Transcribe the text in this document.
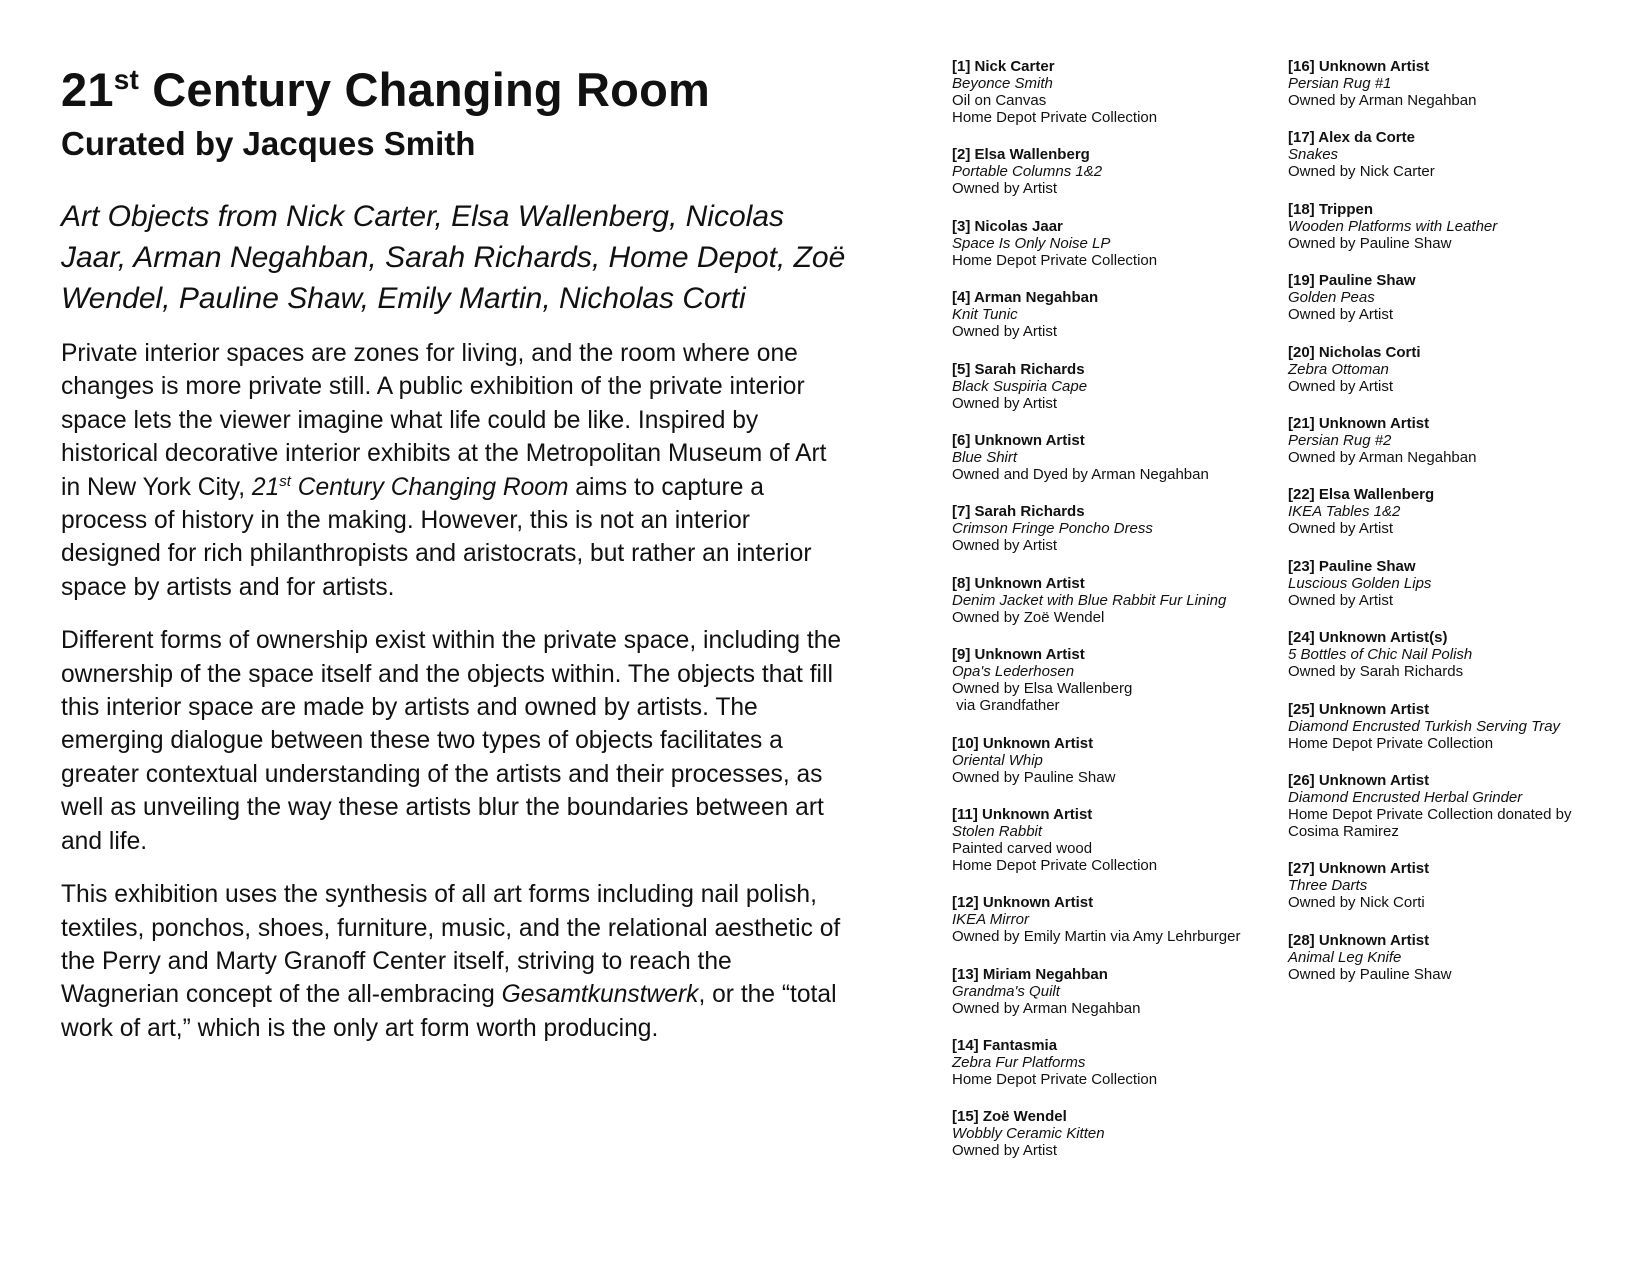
21st Century Changing Room
Curated by Jacques Smith

Art Objects from Nick Carter, Elsa Wallenberg, Nicolas Jaar, Arman Negahban, Sarah Richards, Home Depot, Zoë Wendel, Pauline Shaw, Emily Martin, Nicholas Corti

Private interior spaces are zones for living, and the room where one changes is more private still. A public exhibition of the private interior space lets the viewer imagine what life could be like. Inspired by historical decorative interior exhibits at the Metropolitan Museum of Art in New York City, 21st Century Changing Room aims to capture a process of history in the making. However, this is not an interior designed for rich philanthropists and aristocrats, but rather an interior space by artists and for artists.

Different forms of ownership exist within the private space, including the ownership of the space itself and the objects within. The objects that fill this interior space are made by artists and owned by artists. The emerging dialogue between these two types of objects facilitates a greater contextual understanding of the artists and their processes, as well as unveiling the way these artists blur the boundaries between art and life.

This exhibition uses the synthesis of all art forms including nail polish, textiles, ponchos, shoes, furniture, music, and the relational aesthetic of the Perry and Marty Granoff Center itself, striving to reach the Wagnerian concept of the all-embracing Gesamtkunstwerk, or the “total work of art,” which is the only art form worth producing.

[1] Nick Carter
Beyonce Smith
Oil on Canvas
Home Depot Private Collection
[2] Elsa Wallenberg
Portable Columns 1&2
Owned by Artist
[3] Nicolas Jaar
Space Is Only Noise LP
Home Depot Private Collection
[4] Arman Negahban
Knit Tunic
Owned by Artist
[5] Sarah Richards
Black Suspiria Cape
Owned by Artist
[6] Unknown Artist
Blue Shirt
Owned and Dyed by Arman Negahban
[7] Sarah Richards
Crimson Fringe Poncho Dress
Owned by Artist
[8] Unknown Artist
Denim Jacket with Blue Rabbit Fur Lining
Owned by Zoë Wendel
[9] Unknown Artist
Opa's Lederhosen
Owned by Elsa Wallenberg
via Grandfather
[10] Unknown Artist
Oriental Whip
Owned by Pauline Shaw
[11] Unknown Artist
Stolen Rabbit
Painted carved wood
Home Depot Private Collection
[12] Unknown Artist
IKEA Mirror
Owned by Emily Martin via Amy Lehrburger
[13] Miriam Negahban
Grandma's Quilt
Owned by Arman Negahban
[14] Fantasmia
Zebra Fur Platforms
Home Depot Private Collection
[15] Zoë Wendel
Wobbly Ceramic Kitten
Owned by Artist
[16] Unknown Artist
Persian Rug #1
Owned by Arman Negahban
[17] Alex da Corte
Snakes
Owned by Nick Carter
[18] Trippen
Wooden Platforms with Leather
Owned by Pauline Shaw
[19] Pauline Shaw
Golden Peas
Owned by Artist
[20] Nicholas Corti
Zebra Ottoman
Owned by Artist
[21] Unknown Artist
Persian Rug #2
Owned by Arman Negahban
[22] Elsa Wallenberg
IKEA Tables 1&2
Owned by Artist
[23] Pauline Shaw
Luscious Golden Lips
Owned by Artist
[24] Unknown Artist(s)
5 Bottles of Chic Nail Polish
Owned by Sarah Richards
[25] Unknown Artist
Diamond Encrusted Turkish Serving Tray
Home Depot Private Collection
[26] Unknown Artist
Diamond Encrusted Herbal Grinder
Home Depot Private Collection donated by
Cosima Ramirez
[27] Unknown Artist
Three Darts
Owned by Nick Corti
[28] Unknown Artist
Animal Leg Knife
Owned by Pauline Shaw
